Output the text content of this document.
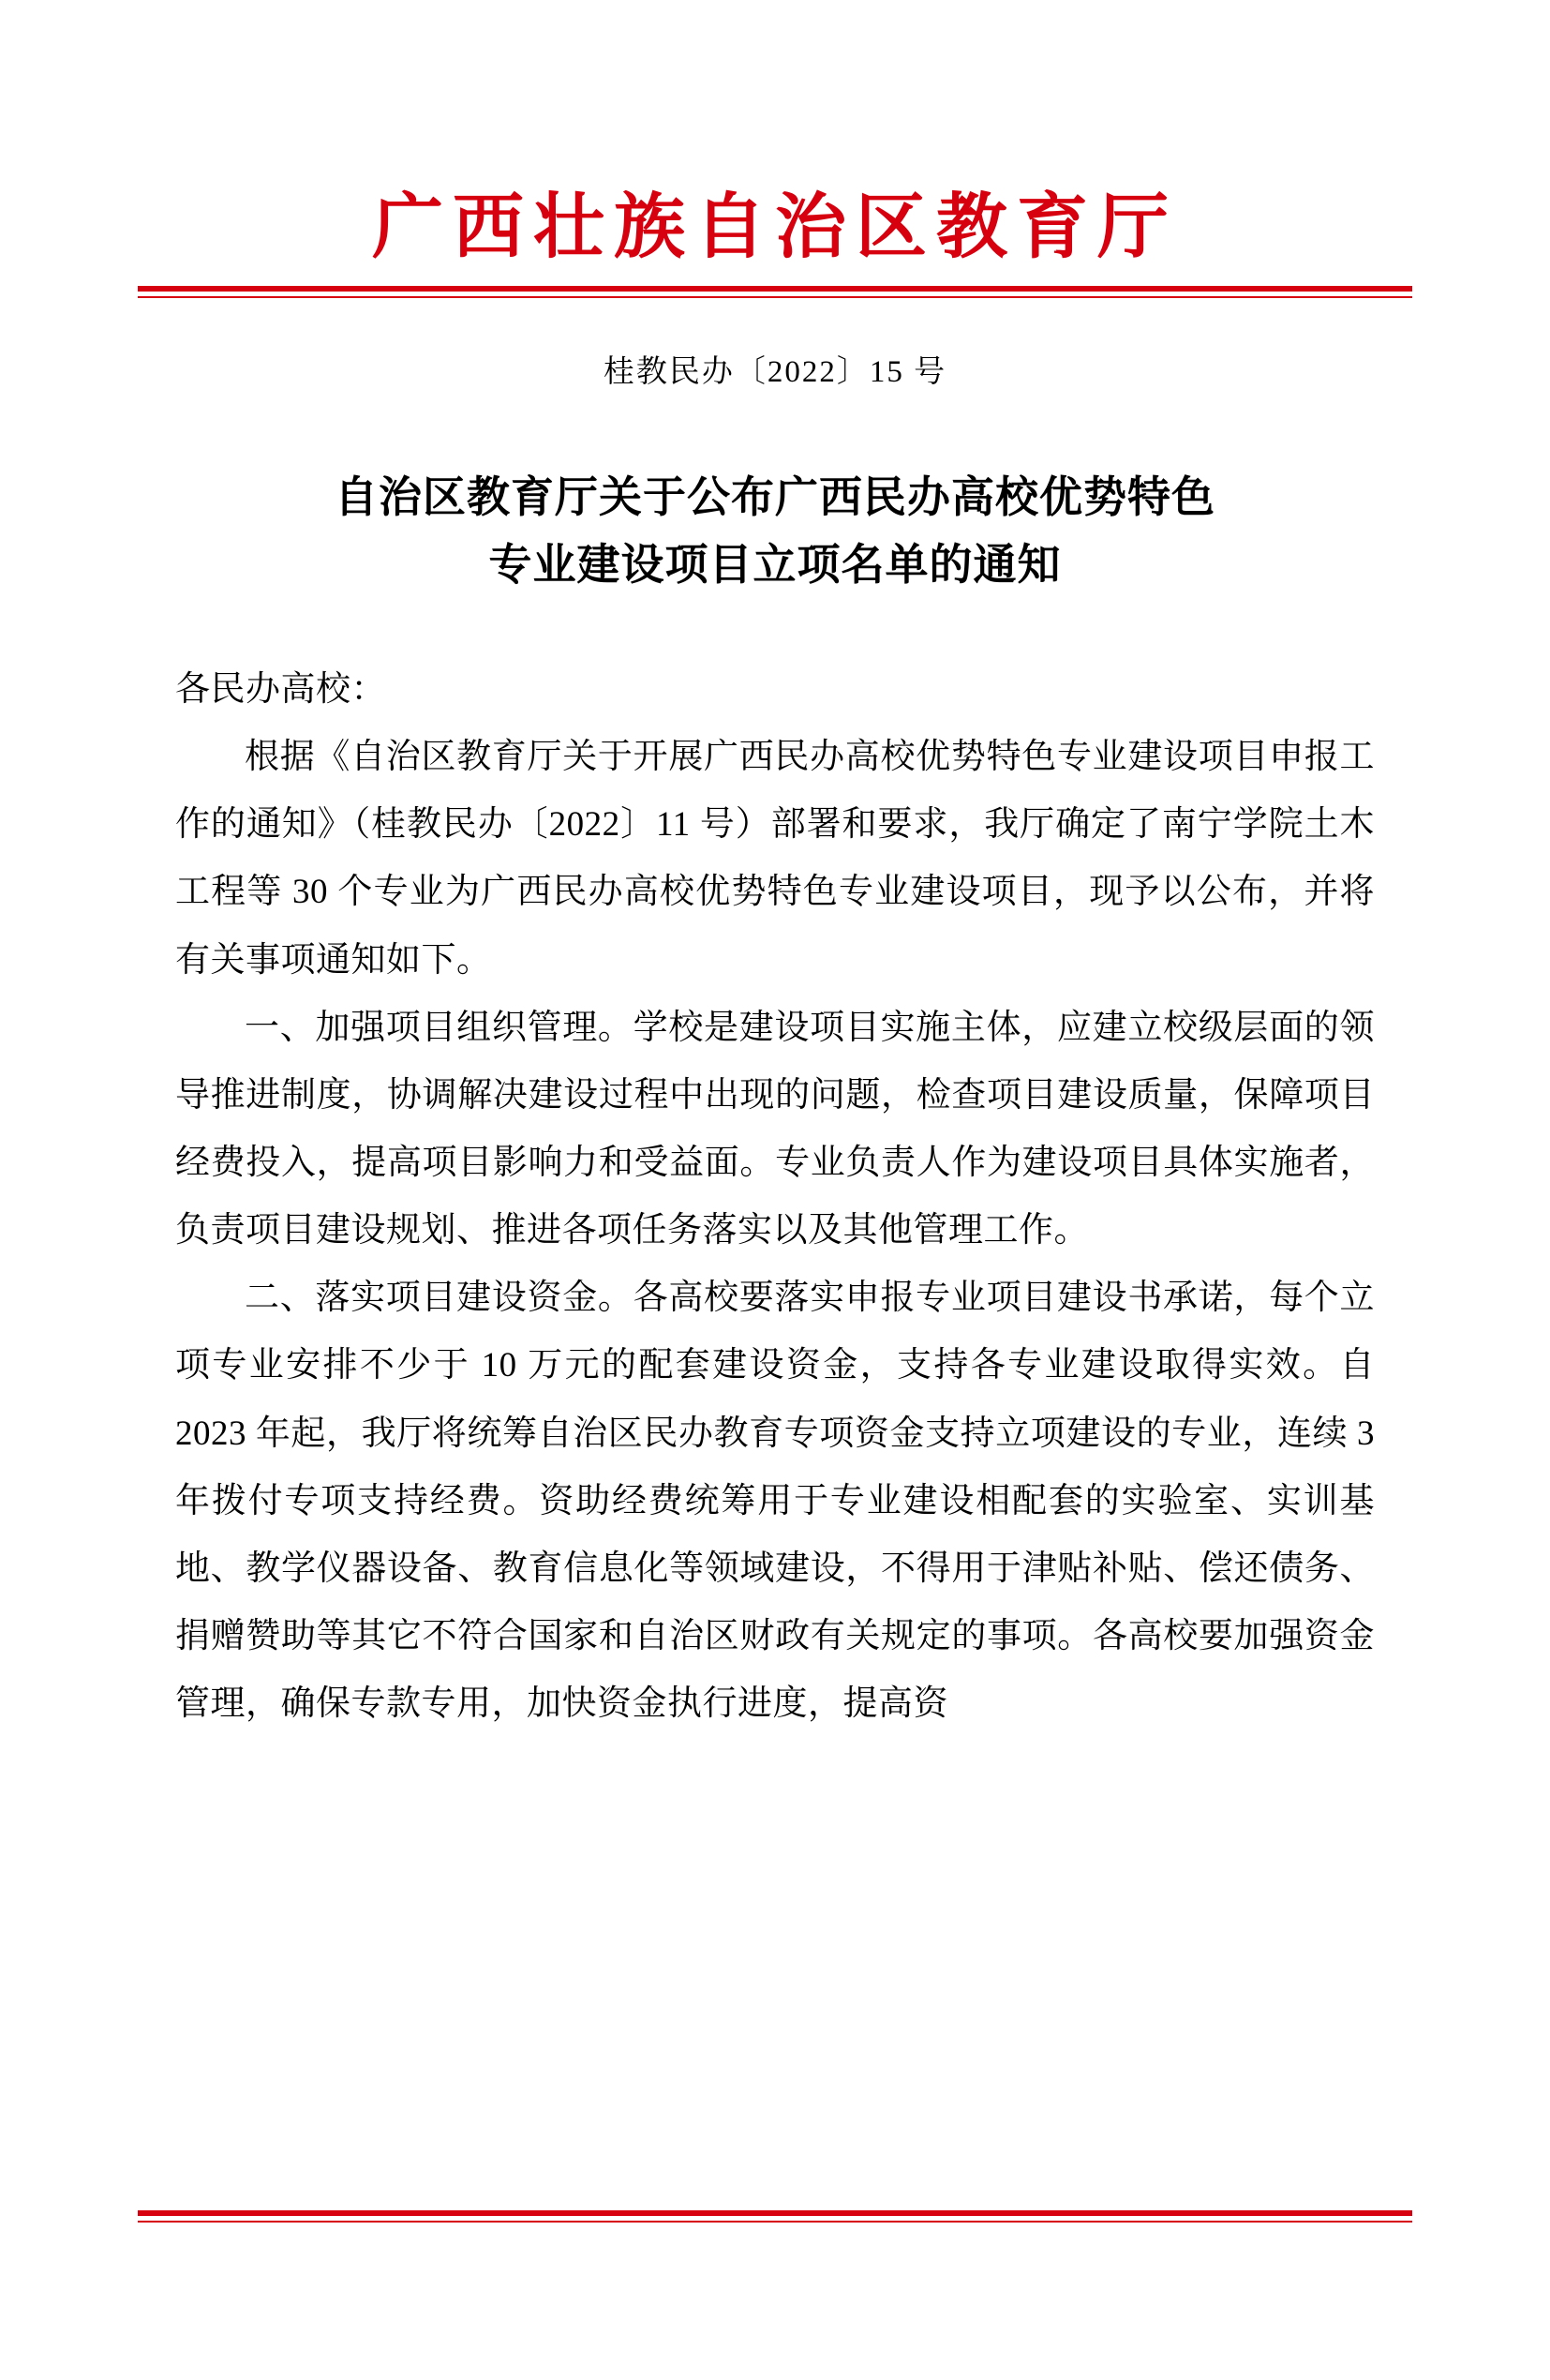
广西壮族自治区教育厅
桂教民办〔2022〕15 号
自治区教育厅关于公布广西民办高校优势特色
专业建设项目立项名单的通知

各民办高校：

根据《自治区教育厅关于开展广西民办高校优势特色专业建设项目申报工作的通知》（桂教民办〔2022〕11 号）部署和要求，我厅确定了南宁学院土木工程等 30 个专业为广西民办高校优势特色专业建设项目，现予以公布，并将有关事项通知如下。

一、加强项目组织管理。学校是建设项目实施主体，应建立校级层面的领导推进制度，协调解决建设过程中出现的问题，检查项目建设质量，保障项目经费投入，提高项目影响力和受益面。专业负责人作为建设项目具体实施者，负责项目建设规划、推进各项任务落实以及其他管理工作。

二、落实项目建设资金。各高校要落实申报专业项目建设书承诺，每个立项专业安排不少于 10 万元的配套建设资金，支持各专业建设取得实效。自 2023 年起，我厅将统筹自治区民办教育专项资金支持立项建设的专业，连续 3 年拨付专项支持经费。资助经费统筹用于专业建设相配套的实验室、实训基地、教学仪器设备、教育信息化等领域建设，不得用于津贴补贴、偿还债务、捐赠赞助等其它不符合国家和自治区财政有关规定的事项。各高校要加强资金管理，确保专款专用，加快资金执行进度，提高资
